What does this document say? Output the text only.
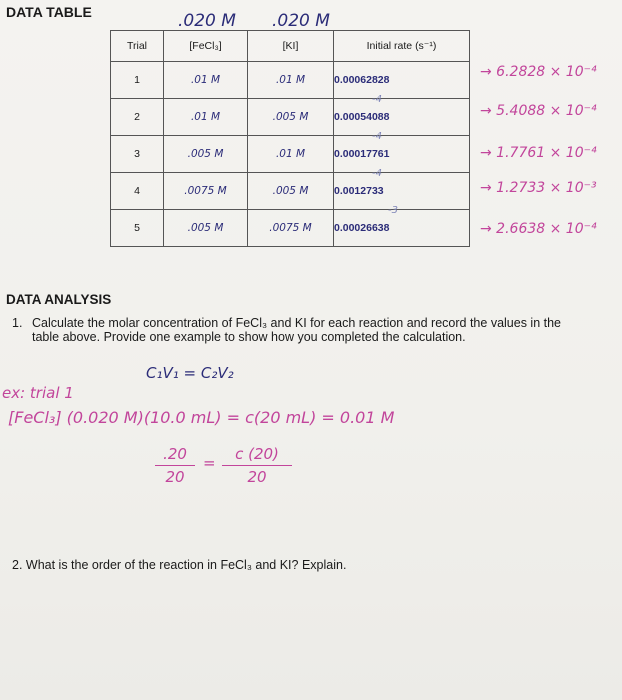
DATA TABLE	.020 M .020 M
Trial	[FeCl₃]	[KI]	Initial rate (s⁻¹)
1	.01 M	.01 M	0.00062828
2	.01 M	.005 M	0.00054088
3	.005 M	.01 M	0.00017761
4	.0075 M	.005 M	0.0012733
5	.005 M	.0075 M	0.00026638
-4
-4
-4
-3
→ 6.2828 × 10⁻⁴
→ 5.4088 × 10⁻⁴
→ 1.7761 × 10⁻⁴
→ 1.2733 × 10⁻³
→ 2.6638 × 10⁻⁴
DATA ANALYSIS
1. Calculate the molar concentration of FeCl₃ and KI for each reaction and record the values in the table above. Provide one example to show how you completed the calculation.
C₁V₁ = C₂V₂
ex: trial 1
[FeCl₃] (0.020 M)(10.0 mL) = c(20 mL) = 0.01 M
.20
20
=	c (20)
20
2. What is the order of the reaction in FeCl₃ and KI? Explain.
